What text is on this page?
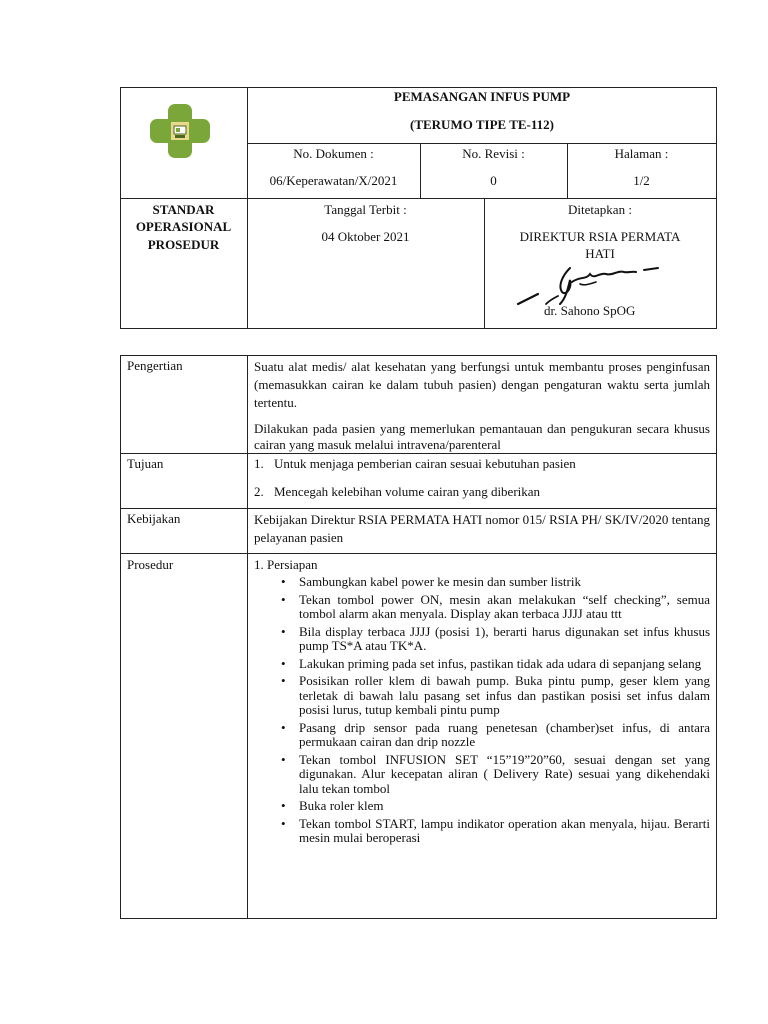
PEMASANGAN INFUS PUMP
(TERUMO TIPE TE-112)
No. Dokumen :
06/Keperawatan/X/2021
No. Revisi :
0
Halaman :
1/2
STANDAR
OPERASIONAL
PROSEDUR
Tanggal Terbit :
04 Oktober 2021
Ditetapkan :
DIREKTUR RSIA PERMATA
HATI
dr. Sahono SpOG
Pengertian	Suatu alat medis/ alat kesehatan yang berfungsi untuk membantu proses penginfusan (memasukkan cairan ke dalam tubuh pasien) dengan pengaturan waktu serta jumlah tertentu.
Dilakukan pada pasien yang memerlukan pemantauan dan pengukuran secara khusus cairan yang masuk melalui intravena/parenteral
Tujuan	1. Untuk menjaga pemberian cairan sesuai kebutuhan pasien
2. Mencegah kelebihan volume cairan yang diberikan
Kebijakan	Kebijakan Direktur RSIA PERMATA HATI nomor 015/ RSIA PH/ SK/IV/2020 tentang pelayanan pasien
Prosedur	1. Persiapan
• Sambungkan kabel power ke mesin dan sumber listrik
• Tekan tombol power ON, mesin akan melakukan “self checking”, semua tombol alarm akan menyala. Display akan terbaca JJJJ atau ttt
• Bila display terbaca JJJJ (posisi 1), berarti harus digunakan set infus khusus pump TS*A atau TK*A.
• Lakukan priming pada set infus, pastikan tidak ada udara di sepanjang selang
• Posisikan roller klem di bawah pump. Buka pintu pump, geser klem yang terletak di bawah lalu pasang set infus dan pastikan posisi set infus dalam posisi lurus, tutup kembali pintu pump
• Pasang drip sensor pada ruang penetesan (chamber)set infus, di antara permukaan cairan dan drip nozzle
• Tekan tombol INFUSION SET “15”19”20”60, sesuai dengan set yang digunakan. Alur kecepatan aliran ( Delivery Rate) sesuai yang dikehendaki lalu tekan tombol
• Buka roler klem
• Tekan tombol START, lampu indikator operation akan menyala, hijau. Berarti mesin mulai beroperasi
